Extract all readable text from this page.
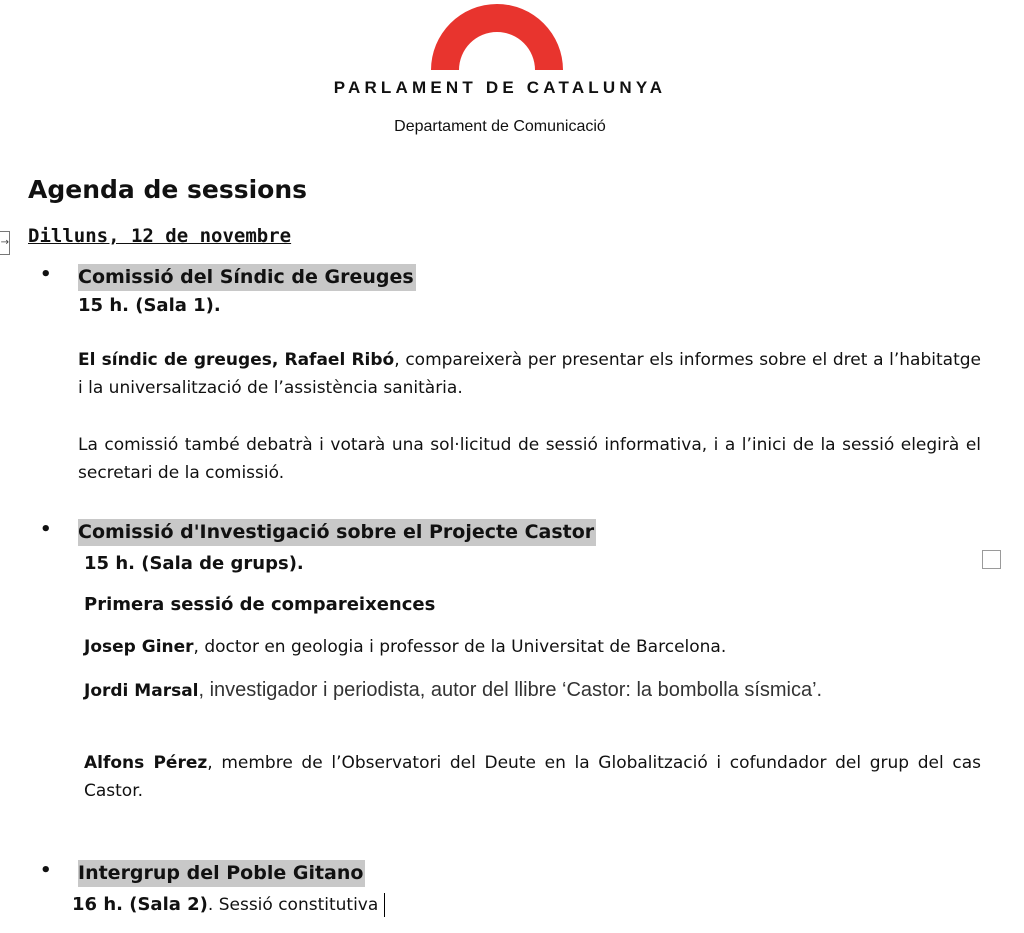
PARLAMENT DE CATALUNYA
Departament de Comunicació
Agenda de sessions
→ Dilluns, 12 de novembre
• Comissió del Síndic de Greuges
15 h. (Sala 1).
El síndic de greuges, Rafael Ribó, compareixerà per presentar els informes sobre el dret a l’habitatge i la universalització de l’assistència sanitària.
La comissió també debatrà i votarà una sol·licitud de sessió informativa, i a l’inici de la sessió elegirà el secretari de la comissió.
• Comissió d'Investigació sobre el Projecte Castor
15 h. (Sala de grups).
Primera sessió de compareixences
Josep Giner, doctor en geologia i professor de la Universitat de Barcelona.
Jordi Marsal, investigador i periodista, autor del llibre ‘Castor: la bombolla sísmica’.
Alfons Pérez, membre de l’Observatori del Deute en la Globalització i cofundador del grup del cas Castor.
• Intergrup del Poble Gitano
16 h. (Sala 2). Sessió constitutiva
